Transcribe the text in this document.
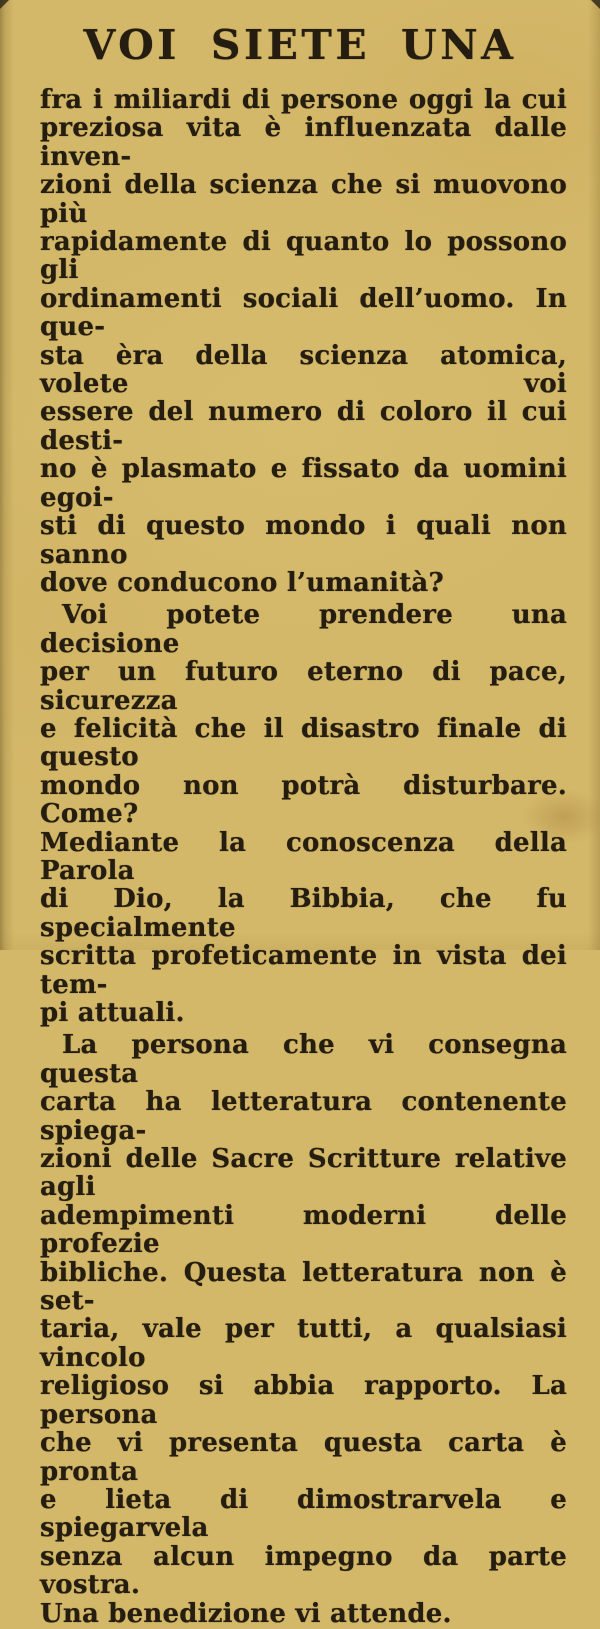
VOI SIETE UNA
fra i miliardi di persone oggi la cui
preziosa vita è influenzata dalle inven-
zioni della scienza che si muovono più
rapidamente di quanto lo possono gli
ordinamenti sociali dell’uomo. In que-
sta èra della scienza atomica, volete voi
essere del numero di coloro il cui desti-
no è plasmato e fissato da uomini egoi-
sti di questo mondo i quali non sanno
dove conducono l’umanità?
Voi potete prendere una decisione
per un futuro eterno di pace, sicurezza
e felicità che il disastro finale di questo
mondo non potrà disturbare. Come?
Mediante la conoscenza della Parola
di Dio, la Bibbia, che fu specialmente
scritta profeticamente in vista dei tem-
pi attuali.
La persona che vi consegna questa
carta ha letteratura contenente spiega-
zioni delle Sacre Scritture relative agli
adempimenti moderni delle profezie
bibliche. Questa letteratura non è set-
taria, vale per tutti, a qualsiasi vincolo
religioso si abbia rapporto. La persona
che vi presenta questa carta è pronta
e lieta di dimostrarvela e spiegarvela
senza alcun impegno da parte vostra.
Una benedizione vi attende.
